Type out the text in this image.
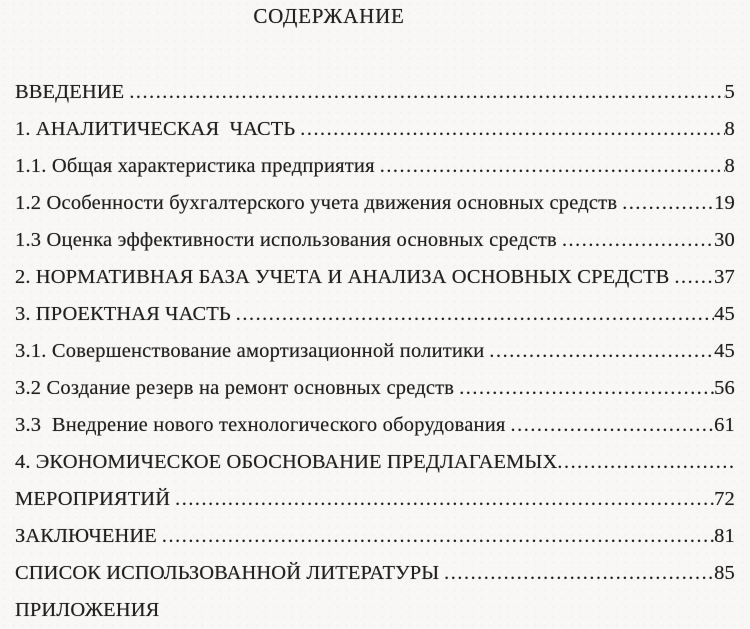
СОДЕРЖАНИЕ
ВВЕДЕНИЕ .....	5
1. АНАЛИТИЧЕСКАЯ  ЧАСТЬ .....	8
1.1. Общая характеристика предприятия .....	8
1.2 Особенности бухгалтерского учета движения основных средств .....	19
1.3 Оценка эффективности использования основных средств .....	30
2. НОРМАТИВНАЯ БАЗА УЧЕТА И АНАЛИЗА ОСНОВНЫХ СРЕДСТВ ..... 37
3. ПРОЕКТНАЯ ЧАСТЬ .....	45
3.1. Совершенствование амортизационной политики .....	45
3.2 Создание резерв на ремонт основных средств .....	56
3.3  Внедрение нового технологического оборудования .....	61
4. ЭКОНОМИЧЕСКОЕ ОБОСНОВАНИЕ ПРЕДЛАГАЕМЫХ
.....
МЕРОПРИЯТИЙ .....	72
ЗАКЛЮЧЕНИЕ .....	81
СПИСОК ИСПОЛЬЗОВАННОЙ ЛИТЕРАТУРЫ .....	85
ПРИЛОЖЕНИЯ
